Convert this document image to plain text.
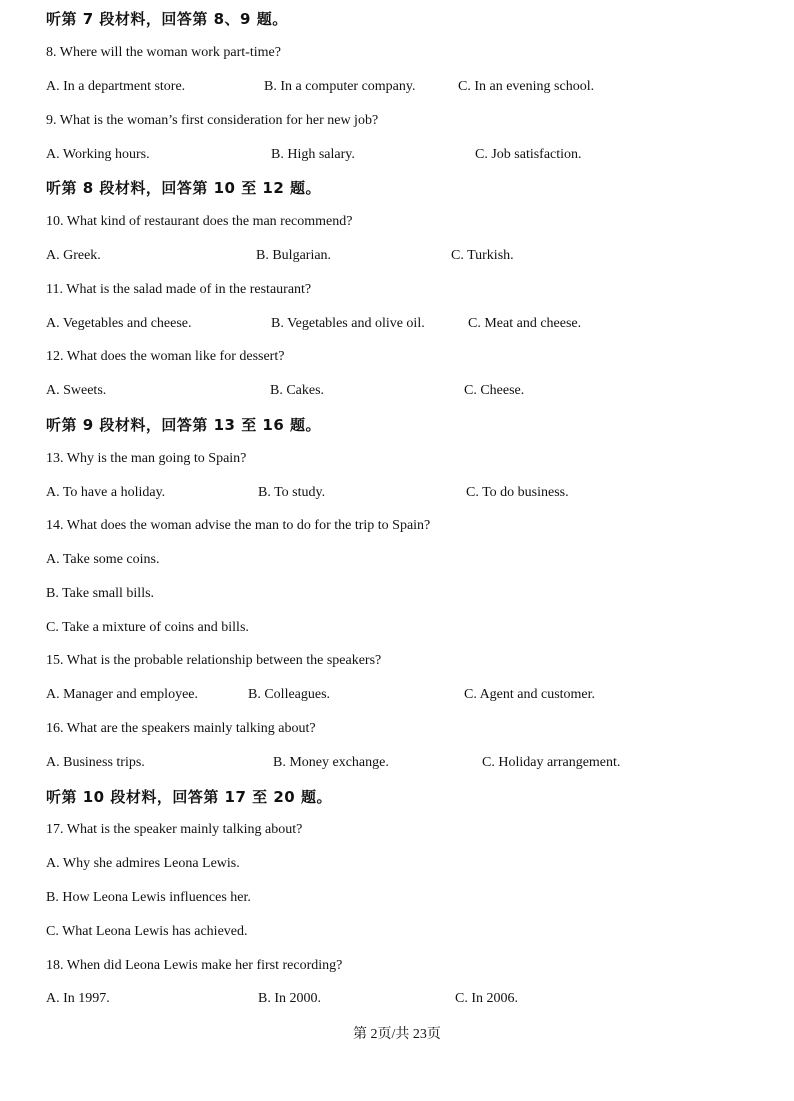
听第 7 段材料，回答第 8、9 题。
8. Where will the woman work part-time?
A. In a department store.	B. In a computer company.	C. In an evening school.
9. What is the woman’s first consideration for her new job?
A. Working hours.	B. High salary.	C. Job satisfaction.
听第 8 段材料，回答第 10 至 12 题。
10. What kind of restaurant does the man recommend?
A. Greek.	B. Bulgarian.	C. Turkish.
11. What is the salad made of in the restaurant?
A. Vegetables and cheese.	B. Vegetables and olive oil.	C. Meat and cheese.
12. What does the woman like for dessert?
A. Sweets.	B. Cakes.	C. Cheese.
听第 9 段材料，回答第 13 至 16 题。
13. Why is the man going to Spain?
A. To have a holiday.	B. To study.	C. To do business.
14. What does the woman advise the man to do for the trip to Spain?
A. Take some coins.
B. Take small bills.
C. Take a mixture of coins and bills.
15. What is the probable relationship between the speakers?
A. Manager and employee.	B. Colleagues.	C. Agent and customer.
16. What are the speakers mainly talking about?
A. Business trips.	B. Money exchange.	C. Holiday arrangement.
听第 10 段材料，回答第 17 至 20 题。
17. What is the speaker mainly talking about?
A. Why she admires Leona Lewis.
B. How Leona Lewis influences her.
C. What Leona Lewis has achieved.
18. When did Leona Lewis make her first recording?
A. In 1997.	B. In 2000.	C. In 2006.
第 2页/共 23页
